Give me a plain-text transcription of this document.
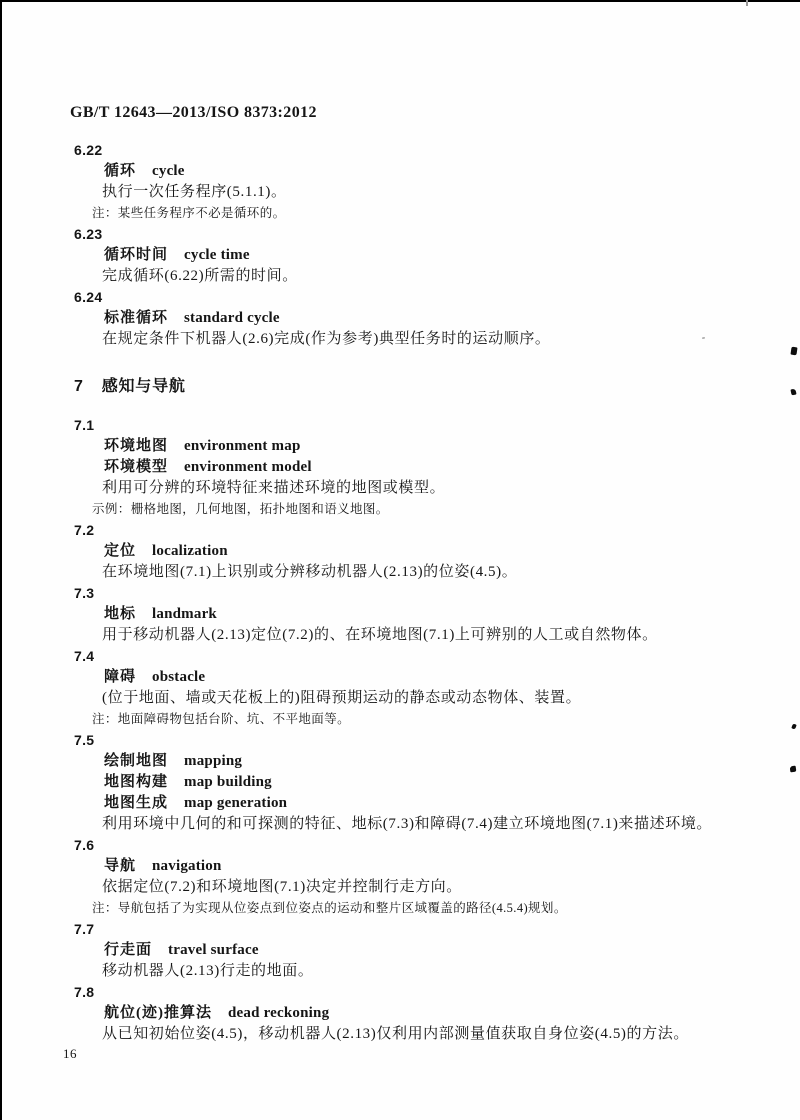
GB/T 12643—2013/ISO 8373:2012
6.22
循环 cycle
执行一次任务程序(5.1.1)。
注：某些任务程序不必是循环的。
6.23
循环时间 cycle time
完成循环(6.22)所需的时间。
6.24
标准循环 standard cycle
在规定条件下机器人(2.6)完成(作为参考)典型任务时的运动顺序。
7 感知与导航
7.1
环境地图 environment map
环境模型 environment model
利用可分辨的环境特征来描述环境的地图或模型。
示例：栅格地图，几何地图，拓扑地图和语义地图。
7.2
定位 localization
在环境地图(7.1)上识别或分辨移动机器人(2.13)的位姿(4.5)。
7.3
地标 landmark
用于移动机器人(2.13)定位(7.2)的、在环境地图(7.1)上可辨别的人工或自然物体。
7.4
障碍 obstacle
(位于地面、墙或天花板上的)阻碍预期运动的静态或动态物体、装置。
注：地面障碍物包括台阶、坑、不平地面等。
7.5
绘制地图 mapping
地图构建 map building
地图生成 map generation
利用环境中几何的和可探测的特征、地标(7.3)和障碍(7.4)建立环境地图(7.1)来描述环境。
7.6
导航 navigation
依据定位(7.2)和环境地图(7.1)决定并控制行走方向。
注：导航包括了为实现从位姿点到位姿点的运动和整片区域覆盖的路径(4.5.4)规划。
7.7
行走面 travel surface
移动机器人(2.13)行走的地面。
7.8
航位(迹)推算法 dead reckoning
从已知初始位姿(4.5)，移动机器人(2.13)仅利用内部测量值获取自身位姿(4.5)的方法。
16
